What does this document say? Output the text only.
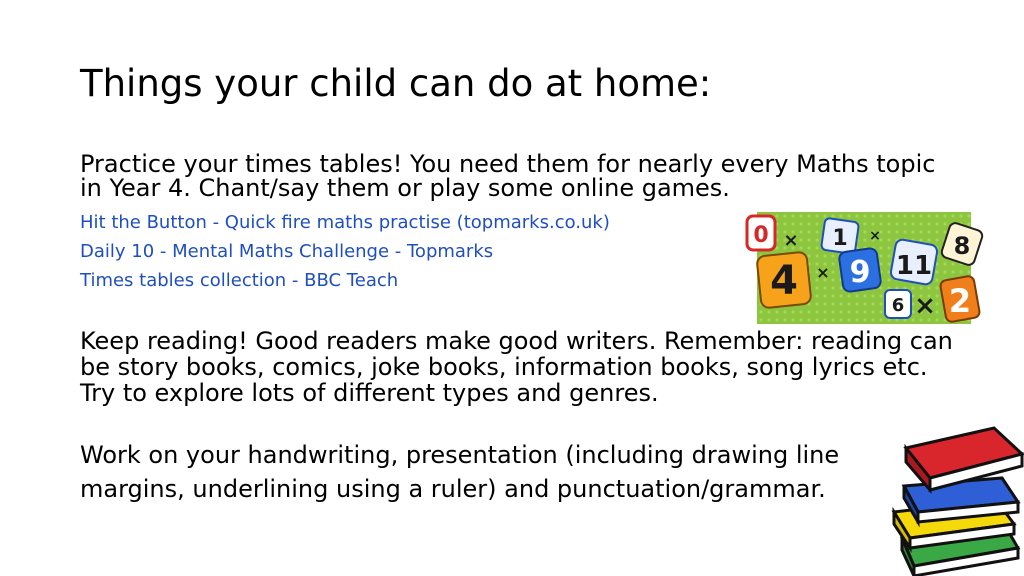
Things your child can do at home:

Practice your times tables! You need them for nearly every Maths topic in Year 4. Chant/say them or play some online games.

Hit the Button - Quick fire maths practise (topmarks.co.uk)
Daily 10 - Mental Maths Challenge - Topmarks
Times tables collection - BBC Teach
0 × 1 ×	8
4 9 11
×
6 × 2

Keep reading! Good readers make good writers. Remember: reading can be story books, comics, joke books, information books, song lyrics etc. Try to explore lots of different types and genres.

Work on your handwriting, presentation (including drawing line margins, underlining using a ruler) and punctuation/grammar.
